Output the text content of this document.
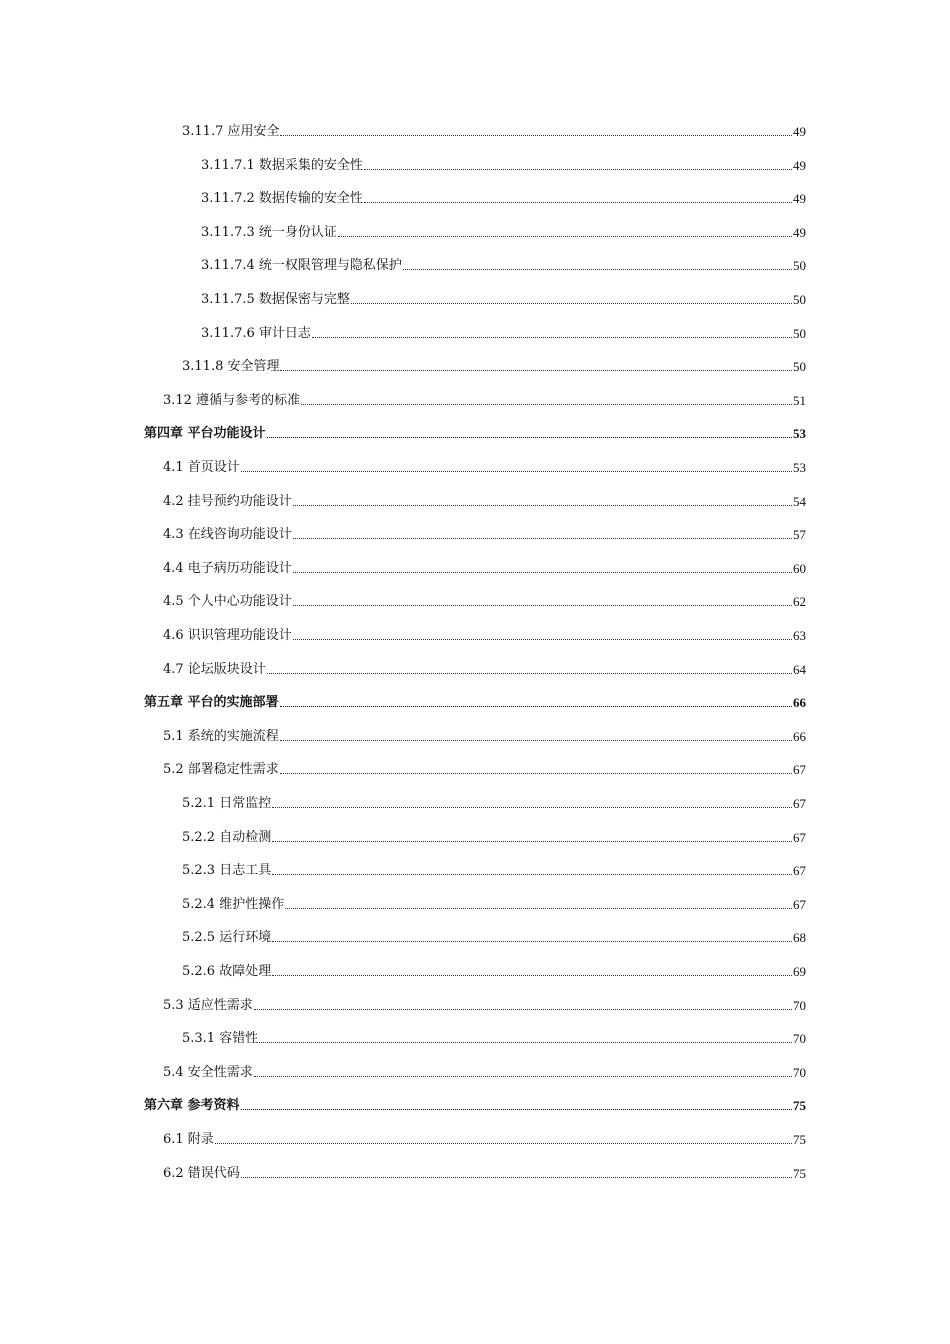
3.11.7 应用安全	49
3.11.7.1 数据采集的安全性	49
3.11.7.2 数据传输的安全性	49
3.11.7.3 统一身份认证	49
3.11.7.4 统一权限管理与隐私保护	50
3.11.7.5 数据保密与完整	50
3.11.7.6 审计日志	50
3.11.8 安全管理	50
3.12 遵循与参考的标准	51
第四章 平台功能设计	53
4.1 首页设计	53
4.2 挂号预约功能设计	54
4.3 在线咨询功能设计	57
4.4 电子病历功能设计	60
4.5 个人中心功能设计	62
4.6 识识管理功能设计	63
4.7 论坛版块设计	64
第五章 平台的实施部署	66
5.1 系统的实施流程	66
5.2 部署稳定性需求	67
5.2.1 日常监控	67
5.2.2 自动检测	67
5.2.3 日志工具	67
5.2.4 维护性操作	67
5.2.5 运行环境	68
5.2.6 故障处理	69
5.3 适应性需求	70
5.3.1 容错性	70
5.4 安全性需求	70
第六章 参考资料	75
6.1 附录	75
6.2 错误代码	75
